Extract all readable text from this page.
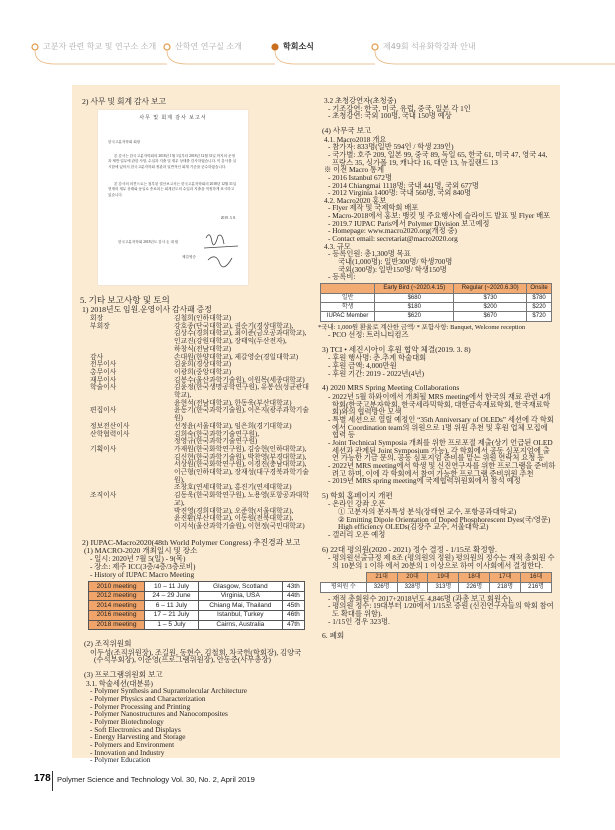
고분자 관련 학교 및 연구소 소개 산학연 연구실 소개	학회소식	제49회 석유화학강좌 안내
2) 사무 및 회계 감사 보고
사무 및 회계 감사 보고서
한국고분자학회 회장
본 감사는 한국고분자학회의 2018년 1월 1일부터 2018년 12월 31일 까지의 운영과 제반 업무에 관한 사항, 수입과 지출 및 재무 상태를 감사하였습니다. 이 감사를 실시함에 있어서 한국고분자학회 정관과 일반적인 회계 기준을 준수하였습니다.
본 감사의 의견으로는 첨부된 결산보고서는 한국고분자학회의 2018년 12월 31일 현재의 재무 상태와 동일로 종료되는 회계년도의 수입과 지출을 적정하게 표시하고 있습니다.
2019. 3. 8.
한국고분자학회 2018년도 감사 손 대 원
제갈영순
5. 기타 보고사항 및 토의
1) 2018년도 임원.운영이사 감사패 증정
회장	김철희(인하대학교)
부회장	강호종(단국대학교), 권순기(경상대학교),
김상수(경희대학교), 최이준(금오공과대학교),
인교진(강원대학교), 장태익(두산전자),
하창식(전남대학교)
감사	손대원(한양대학교), 제갈영순(경일대학교)
전무이사	김윤희(경상대학교)
총무이사	이광희(중앙대학교)
재무이사	김봉수(울산과학기술원), 이원목(세종대학교)
학술이사	김윤정(한국생명공학연구원), 유봉선(성균관대학교),
윤현석(전남대학교), 한동욱(부산대학교)
편집이사	윤동기(한국과학기술원), 이은지(광주과학기술원)
정보전산이사	선정윤(서울대학교), 임은희(경기대학교)
산학협력이사	김희숙(한국과학기술연구원),
정영규(한국과학기술연구원)
기획이사	가재원(한국화학연구원), 김승현(인하대학교),
김신현(한국과학기술원), 박찬영(부경대학교),
서상원(한국화학연구원), 이경진(충남대학교),
이근형(인하대학교), 장재성(대구경북과학기술원),
조창호(연세대학교), 홍진기(연세대학교)
조직이사	김동욱(한국화학연구원), 노용영(포항공과대학교),
박진영(경희대학교), 오준학(서울대학교),
윤진환(부산대학교), 이동원(전북대학교),
이지석(울산과학기술원), 이현정(국민대학교)
2) IUPAC-Macro2020(48th World Polymer Congress) 추진경과 보고
(1) MACRO-2020 개최일시 및 장소
- 일시: 2020년 7월 5(일) - 9(목)
- 장소: 제주 ICC(3층/4층/3층로비)
- History of IUPAC Macro Meeting
2010 meeting	10 – 11 July	Glasgow, Scotland	43th
2012 meeting	24 – 29 June	Virginia, USA	44th
2014 meeting	6 – 11 July	Chiang Mai, Thailand	45th
2016 meeting	17 – 21 July	Istanbul, Turkey	46th
2018 meeting	1 – 5 July	Cairns, Australia	47th
(2) 조직위원회
이두성(조직위원장), 조길원, 동현수, 김철희, 차국헌(학회장), 김양국(수석부회장), 이준영(프로그램위원장), 안동준(사무총장)
(3) 프로그램위원회 보고
3.1. 학술세션(대분류)
- Polymer Synthesis and Supramolecular Architecture
- Polymer Physics and Characterization
- Polymer Processing and Printing
- Polymer Nanostructures and Nanocomposites
- Polymer Biotechnology
- Soft Electronics and Displays
- Energy Harvesting and Storage
- Polymers and Environment
- Innovation and Industry
- Polymer Education
3.2 초청강연자(초청중)
- 기조강연: 한국, 미국, 유럽, 중국, 일본 각 1인
- 초청강연: 국외 100명, 국내 150명 예상
(4) 사무국 보고
4.1. Macro2018 개요
- 참가자: 833명(일반 594인 / 학생 239인)
- 국가별: 호주 209, 일본 99, 중국 89, 독일 65, 한국 61, 미국 47, 영국 44, 프랑스 35, 싱가폴 19, 캐나다 16, 대만 13, 뉴질랜드 13
※ 이전 Macro 통계
- 2016 Istanbul 672명
- 2014 Chiangmai 1118명: 국내 441명, 국외 677명
- 2012 Virginia 1400명: 국내 560명, 국외 840명
4.2. Macro2020 홍보
- Flyer 제작 및 국제학회 배포
- Macro-2018에서 홍보: 뱅킷 및 주요행사에 슬라이드 발표 및 Flyer 배포
- 2019.7 IUPAC Paris에서 Polymer Division 보고예정
- Homepage: www.macro2020.org(개정 중)
- Contact email: secretariat@macro2020.org
4.3. 규모
- 등록인원: 총1,300명 목표
국내(1,000명): 일반300명/ 학생700명
국외(300명): 일반150명/ 학생150명
- 등록비:
	Early Bird (~2020.4.15)	Regular (~2020.6.30)	Onsite
일반	$680	$730	$780
학생	$180	$200	$220
IUPAC Member	$620	$670	$720
*국내: 1,000원 환율로 계산한 금액/ * 포함사항: Banquet, Welcome reception
- PCO 선정: 트러니티컴즈
3) TCI • 세진시아이 후원 협약 체결(2019. 3. 8)
- 후원 행사명: 춘.추계 학술대회
- 후원 금액: 4,000만원
- 후원 기간: 2019 - 2022년(4년)
4) 2020 MRS Spring Meeting Collaborations
- 2022년 5월 하와이에서 개최될 MRS meeting에서 한국의 재료 관련 4개 학회(한국고분자학회, 한국세라믹학회, 대한금속재료학회, 한국재료학회)와의 협력방안 모색
- 특별 세션으로 열릴 예정인 “35th Anniversary of OLEDs” 세션에 각 학회에서 Coordination team의 위원으로 1명 위원 추천 및 후원 업체 모집에 협력 등
- Joint Technical Symposia 개최를 위한 프로포절 제출(상기 언급된 OLED 세션과 관계된 Joint Symposium 가능), 각 학회에서 공동 심포지엄에 출연 가능한 기금 문의, 공동 심포지엄 준비를 맡는 위원 연락처 요청 등
- 2022년 MRS meeting에서 학생 및 신진연구자를 위한 프로그램을 준비하려고 하며, 이에 각 학회에서 참여 가능한 프로그램 준비위원 추천
- 2019년 MRS spring meeting에 국제협력위원회에서 참석 예정
5) 학회 홈페이지 개편
- 온라인 강좌 오픈
① 고분자의 분자특성 분석(장태현 교수, 포항공과대학교)
② Emitting Dipole Orientation of Doped Phosphorescent Dyes(국/영문) High efficiency OLEDs(김장주 교수, 서울대학교)
- 갤러리 오픈 예정
6) 22대 평의원(2020 - 2021) 정수 결정 - 1/15로 확정함.
- 평의원선출규정 제 8조 (평의원의 정원) 평의원의 정수는 재적 총회원 수의 10분의 1 이하 에서 20분의 1 이상으로 하여 이사회에서 결정한다.
	21대	20대	19대	18대	17대	16대
평의원 수	326명	328명	313명	226명	218명	216명
- 재적 총회원수 2017+2018년도 4,846명 (과총 보고 회원수).
- 평의원 정수: 19대부터 1/20에서 1/15로 증원 (신진연구자들의 학회 참여도 확대를 위함).
- 1/15인 경우 323명.
6. 폐회
178 Polymer Science and Technology Vol. 30, No. 2, April 2019
